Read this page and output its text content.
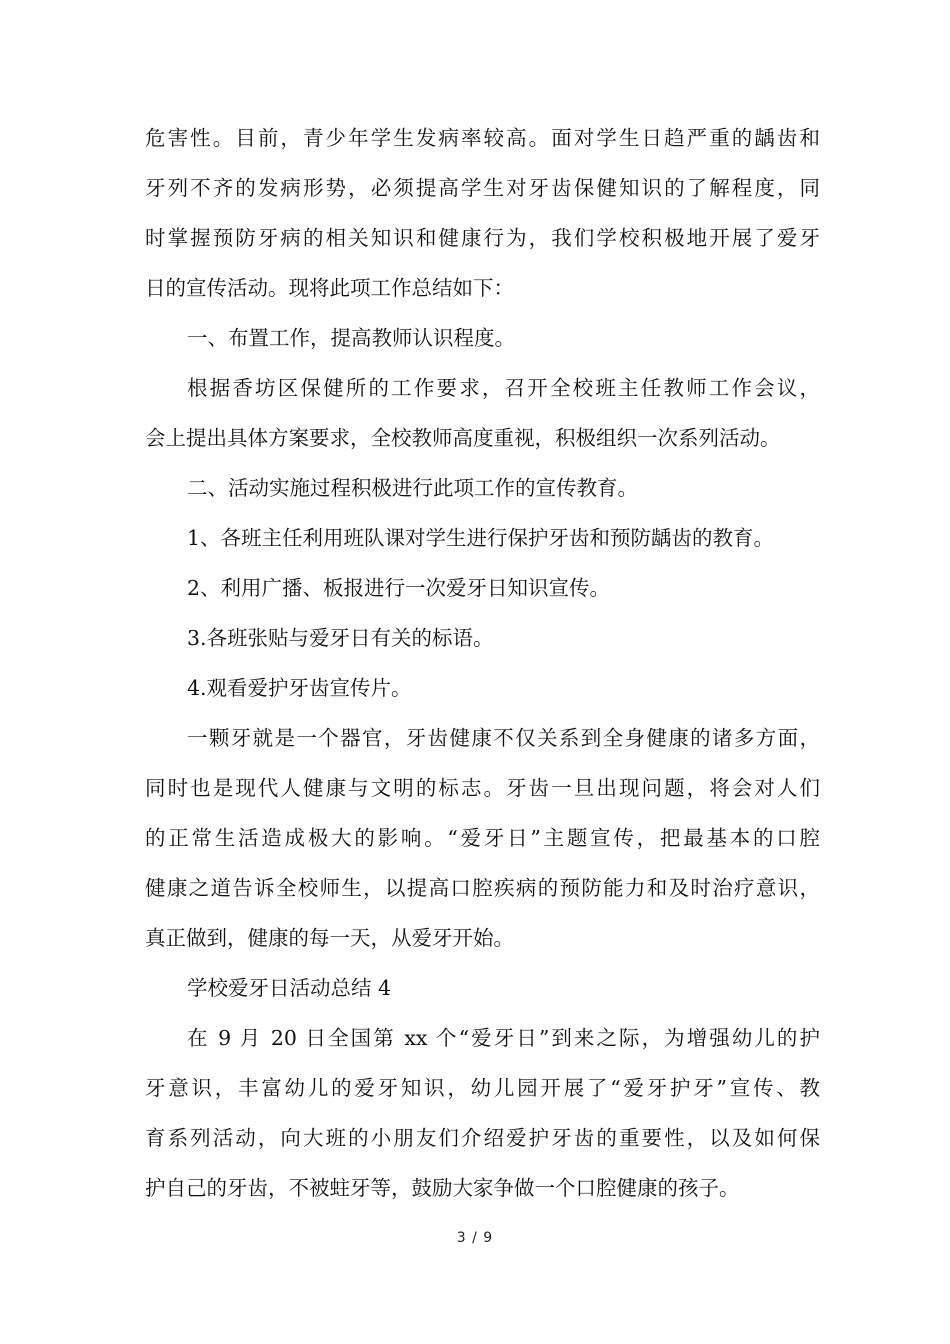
危害性。目前，青少年学生发病率较高。面对学生日趋严重的龋齿和
牙列不齐的发病形势，必须提高学生对牙齿保健知识的了解程度，同
时掌握预防牙病的相关知识和健康行为，我们学校积极地开展了爱牙
日的宣传活动。现将此项工作总结如下：
一、布置工作，提高教师认识程度。
根据香坊区保健所的工作要求，召开全校班主任教师工作会议，
会上提出具体方案要求，全校教师高度重视，积极组织一次系列活动。
二、活动实施过程积极进行此项工作的宣传教育。
1、各班主任利用班队课对学生进行保护牙齿和预防龋齿的教育。
2、利用广播、板报进行一次爱牙日知识宣传。
3.各班张贴与爱牙日有关的标语。
4.观看爱护牙齿宣传片。
一颗牙就是一个器官，牙齿健康不仅关系到全身健康的诸多方面，
同时也是现代人健康与文明的标志。牙齿一旦出现问题，将会对人们
的正常生活造成极大的影响。“爱牙日”主题宣传，把最基本的口腔
健康之道告诉全校师生，以提高口腔疾病的预防能力和及时治疗意识，
真正做到，健康的每一天，从爱牙开始。
学校爱牙日活动总结 4
在 9 月 20 日全国第 xx 个“爱牙日”到来之际，为增强幼儿的护
牙意识，丰富幼儿的爱牙知识，幼儿园开展了“爱牙护牙”宣传、教
育系列活动，向大班的小朋友们介绍爱护牙齿的重要性，以及如何保
护自己的牙齿，不被蛀牙等，鼓励大家争做一个口腔健康的孩子。
3 / 9
